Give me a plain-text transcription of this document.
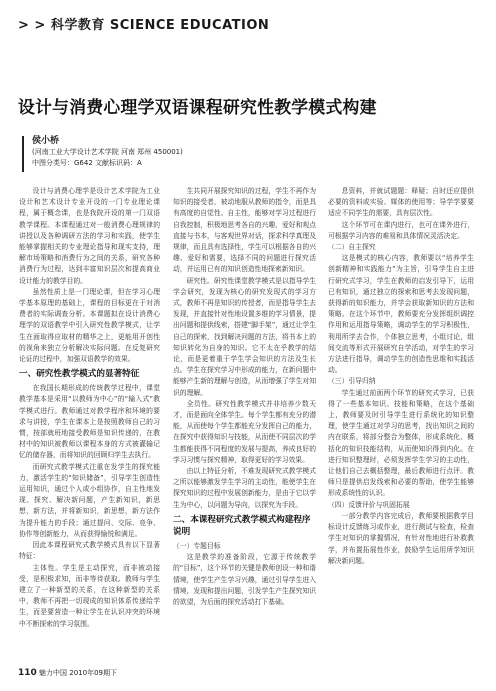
> > 科学教育 SCIENCE EDUCATION
设计与消费心理学双语课程研究性教学模式构建
侯小桥
(河南工业大学设计艺术学院 河南 郑州 450001)
中图分类号：G642 文献标识码：A

设计与消费心理学是设计艺术学院为工业设计和艺术设计专业开设的一门专业理论课程，属于概念课，也是我院开设的第一门双语教学课程。本课程通过对一般消费心理规律的讲授以及各种调研方法的学习和实践，使学生能够掌握相关的专业理论指导和现实支持，理解市场策略和消费行为之间的关系，研究各种消费行为过程，达到丰富知识层次和提高商业设计能力的教学目的。

虽然性质上是一门理论课，但在学习心理学基本原理的基础上，课程的目标更在于对消费者的实际调查分析。本课题拟在设计消费心理学的双语教学中引入研究性教学模式，让学生在面取得应取材的精华之上，更能用开创性的视角来独立分析解决实际问题。在反复研究论证的过程中，加强双语教学的效果。

一、研究性教学模式的显著特征

在我国长期形成的传统教学过程中，课堂教学基本是采用“以教师为中心”的“输入式”教学模式进行。教师通过对教学程序和环境的要求与讲授，学生在课本上是按照教师自己的习惯，按部就班地接受教师是知识传递的，在教材中的知识被教师以课程本身的方式被灌输记忆的储存器，而将知识的回顾归学生去执行。

而研究式教学模式注重在发学生的探究能力，激活学生的“知识储备”，引导学生创造性运用知识，通过个人或小组协作，自主性地发现、探究、解决新问题，产生新知识，新思想，新方法，并将新知识，新思想，新方法作为提升能力的手段；通过提问、交际、竞争、协作等创新能力，从而获得愉悦和满足。

因此本课程研究式教学模式具有以下显著特征：

主体性。学生是主动探究，而非被动接受，是积极求知，而非等待获取。教师与学生建立了一种新型的关系，在这种新型的关系中，教师不再把一切现成的知识体系传递给学生，而是要营造一种让学生在认识冲突的环境中不断探索的学习氛围。

生共同开展探究知识的过程，学生不再作为知识的接受者，被动地服从教师的指令，而是具有高度的自觉性、自主性，能够对学习过程进行自我控制，积极地思考各自的兴趣、爱好和观点直接与书本，与客观世界对话，探求科学真理及规律，而且具有选择性，学生可以根据各自的兴趣、爱好和需要，选择不同的问题进行探究活动，并运用已有的知识创造性地探索新知识。

研究性。研究性课堂教学模式是以指导学生学会研究，发现为核心的研究发现式的学习方式，教师不再是知识的传授者，而是指导学生去发现，并直接针对性地设置多维的学习情景，提出问题和提供线索，搭建“脚手架”，通过让学生自己的探索，找到解决问题的方法，将书本上的知识转化为自身的知识。它不太在乎教学的结论，而是更着重于学生学会知识的方法及生长点。学生在探究学习中形成的能力，在新问题中能够产生新的理解与创造，从而增强了学生对知识的理解。

全员性。研究性教学模式并非培养少数天才，而是面向全体学生。每个学生都有充分的潜能，从而使每个学生都能充分发挥自己的能力，在探究中获得知识与技能，从而使不同层次的学生都能获得不同程度的发展与提高，养成良好的学习习惯与探究精神，取得更好的学习效果。

由以上特征分析，不难发现研究式教学模式之所以能够激发学生学习的主动性，能使学生在探究知识的过程中发展创新能力，是由于它以学生为中心，以问题为导向，以探究为手段。

二、本课程研究式教学模式构建程序说明
（一）专题目标

这是教学的准备阶段，它源于传统教学的“目标”，这个环节的关键是教师创设一种和谐情境，使学生产生学习兴趣，通过引导学生进入情境，发现和提出问题，引发学生产生探究知识的欲望，为后面的探究活动打下基础。

息资料，并就试题题：释疑；自时还应提供必要的资料或实验、媒体的使用等；导学学要要适应不同学生的需要，具有层次性。

这个环节可在课内进行，也可在课外进行，可根据学习内容的难易和具体情况灵活决定。

（二）自主探究

这是模式的核心内容，教师要以“培养学生创新精神和实践能力”为主旨，引导学生自主进行研究式学习，学生在教师的启发引导下，运用已有知识，通过独立的探索和思考去发现问题，获得新的知识能力，并学会获取新知识的方法和策略。在这个环节中，教师要充分发挥组织调控作用和运用指导策略，调动学生的学习积极性，利用所学去合作，个体独立思考，小组讨论，组间交流等形式开展研究自学活动，对学生的学习方法进行指导，调动学生的创造性思维和实践活动。

（三）引导归纳

学生通过前面两个环节的研究式学习，已获得了一些基本知识、技能和策略，在这个基础上，教师要及时引导学生进行系统化的知识整理，使学生通过对学习的思考，找出知识之间的内在联系，将部分整合为整体，形成系统化、概括化的知识技能结构，从而使知识得到内化。在进行知识整理时，必须发挥学生学习的主动性，让他们自己去概括整理，最后教师进行点评。教师只是提供启发线索和必要的帮助，使学生能够形成系统性的认识。

（四）反馈评价与巩固拓展

一部分教学内容完成后，教师要根据教学目标设计反馈练习或作业，进行测试与检查，检查学生对知识的掌握情况，有针对性地进行补救教学，并布置拓展性作业，鼓励学生运用所学知识解决新问题。

110 魅力中国 2010年09期下
